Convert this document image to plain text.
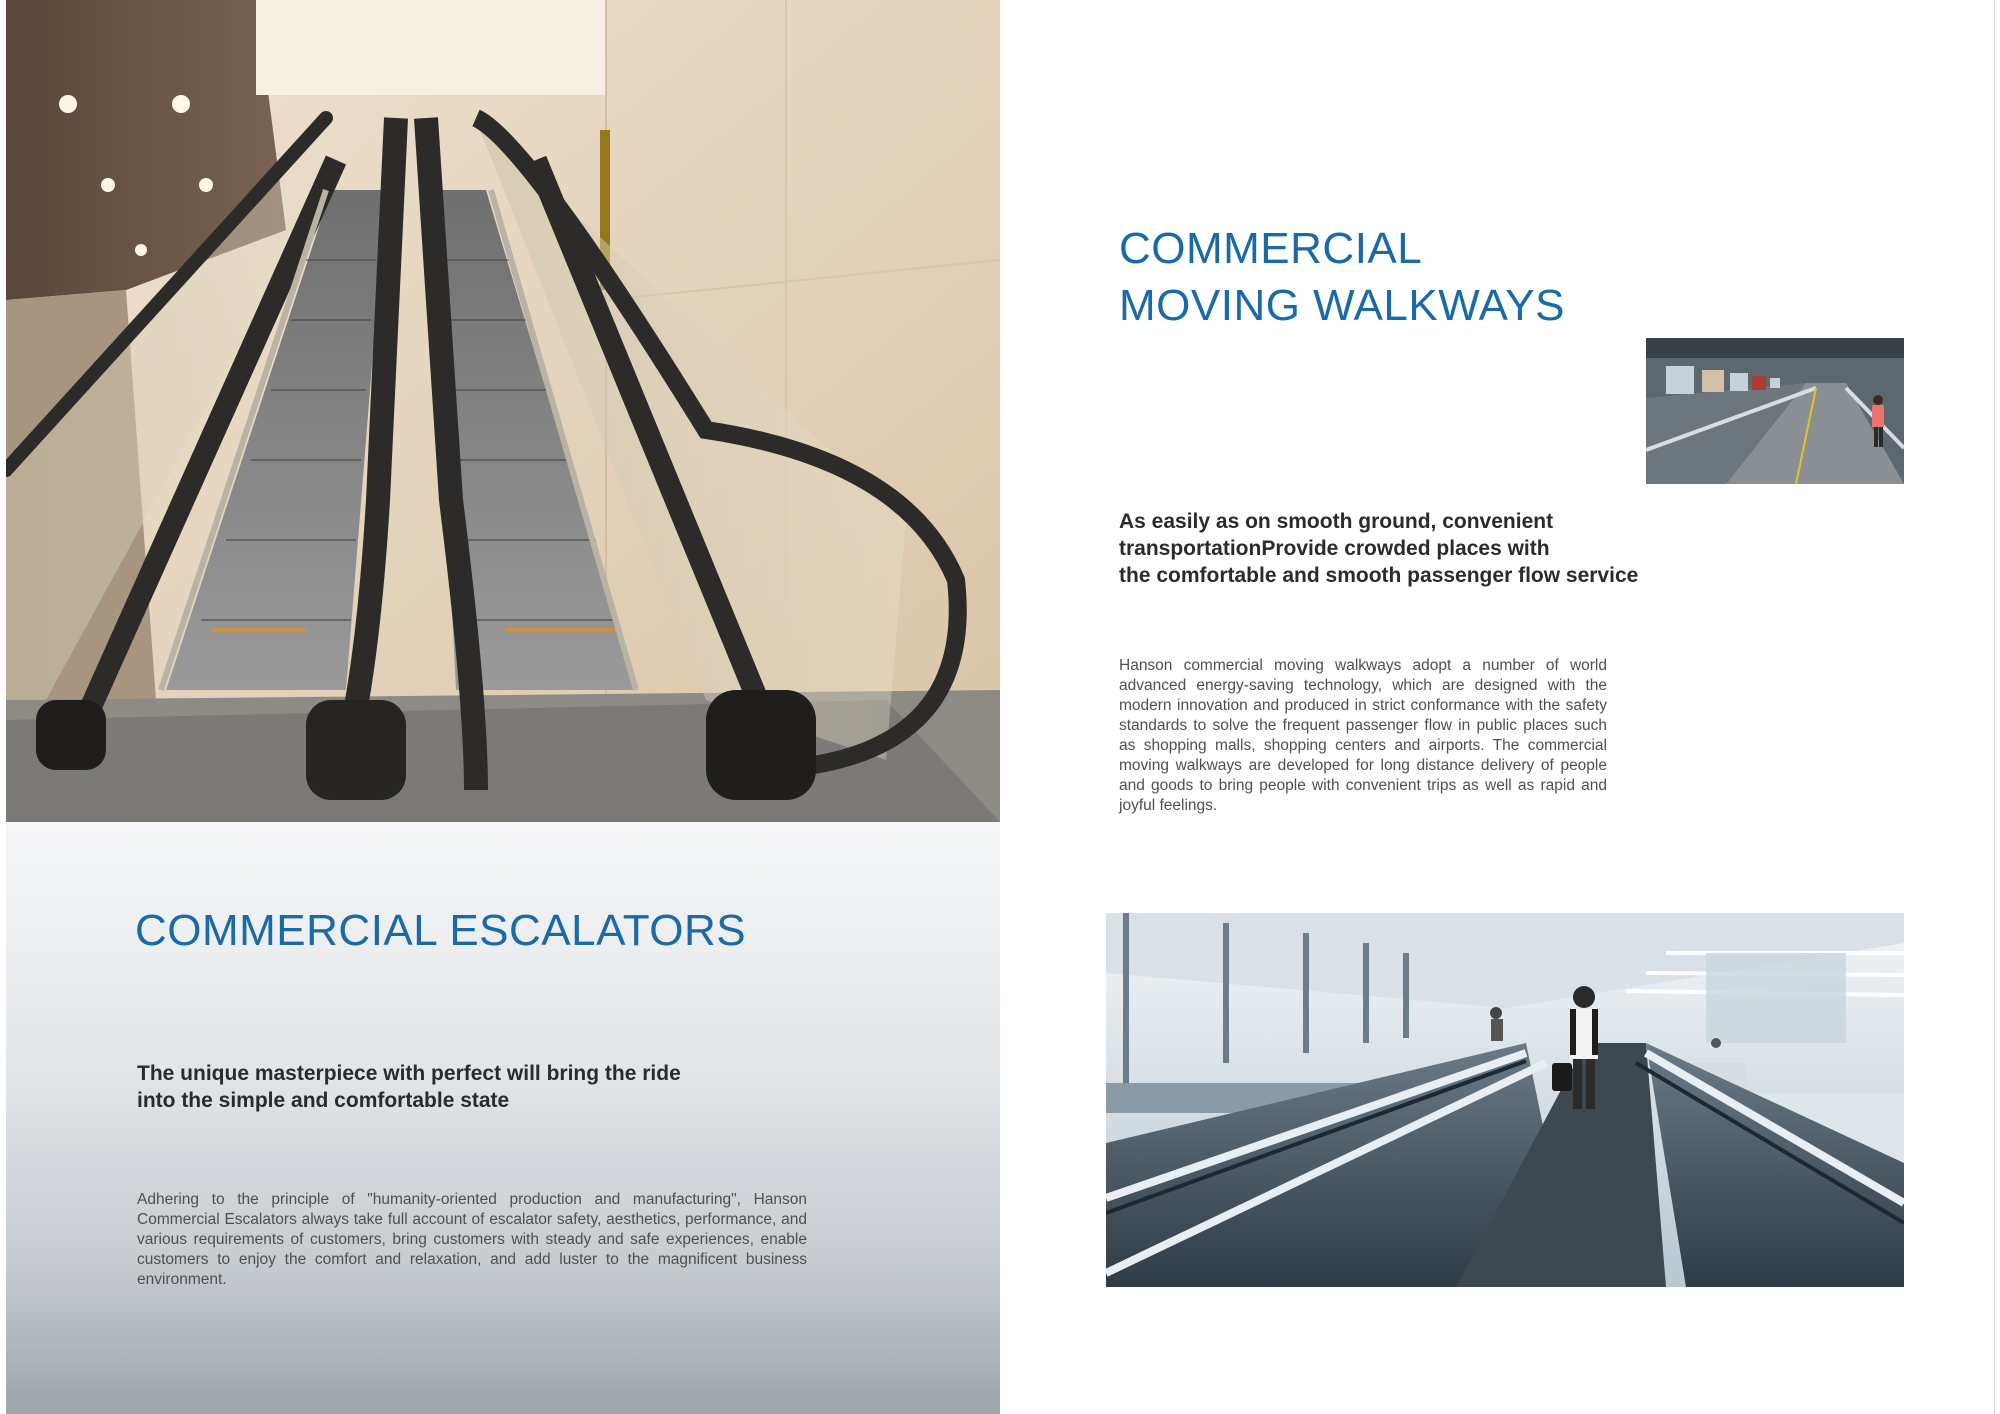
COMMERCIAL ESCALATORS

The unique masterpiece with perfect will bring the ride
into the simple and comfortable state

Adhering to the principle of "humanity-oriented production and manufacturing", Hanson Commercial Escalators always take full account of escalator safety, aesthetics, performance, and various requirements of customers, bring customers with steady and safe experiences, enable customers to enjoy the comfort and relaxation, and add luster to the magnificent business environment.

COMMERCIAL
MOVING WALKWAYS

As easily as on smooth ground, convenient
transportationProvide crowded places with
the comfortable and smooth passenger flow service

Hanson commercial moving walkways adopt a number of world advanced energy-saving technology, which are designed with the modern innovation and produced in strict conformance with the safety standards to solve the frequent passenger flow in public places such as shopping malls, shopping centers and airports. The commercial moving walkways are developed for long distance delivery of people and goods to bring people with convenient trips as well as rapid and joyful feelings.
